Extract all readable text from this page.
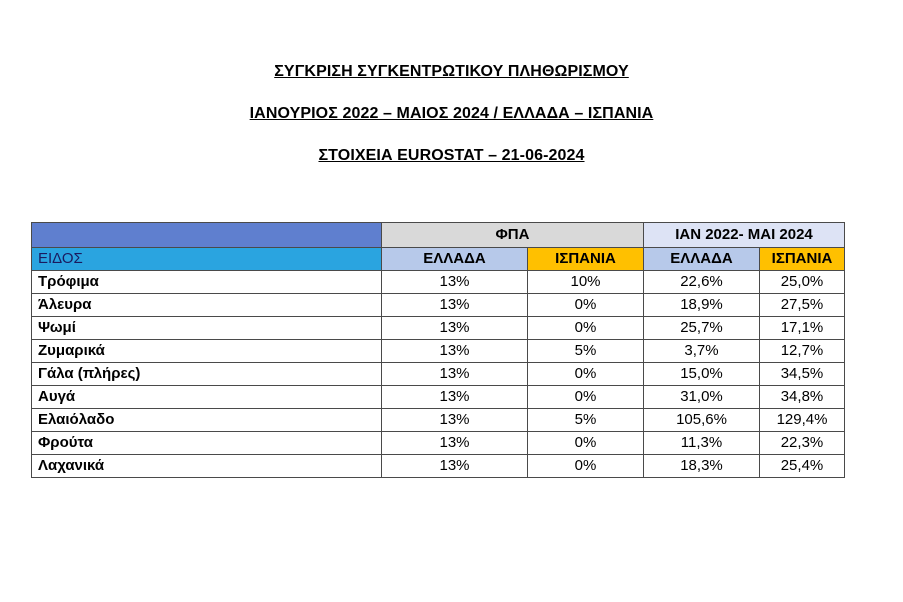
ΣΥΓΚΡΙΣΗ ΣΥΓΚΕΝΤΡΩΤΙΚΟΥ ΠΛΗΘΩΡΙΣΜΟΥ
ΙΑΝΟΥΡΙΟΣ 2022 – ΜΑΙΟΣ 2024 / ΕΛΛΑΔΑ – ΙΣΠΑΝΙΑ
ΣΤΟΙΧΕΙΑ EUROSTAT – 21-06-2024
	ΦΠΑ		ΙΑΝ 2022- ΜΑΙ 2024	
ΕΙΔΟΣ	ΕΛΛΑΔΑ	ΙΣΠΑΝΙΑ	ΕΛΛΑΔΑ	ΙΣΠΑΝΙΑ
Τρόφιμα	13%	10%	22,6%	25,0%
Άλευρα	13%	0%	18,9%	27,5%
Ψωμί	13%	0%	25,7%	17,1%
Ζυμαρικά	13%	5%	3,7%	12,7%
Γάλα (πλήρες)	13%	0%	15,0%	34,5%
Αυγά	13%	0%	31,0%	34,8%
Ελαιόλαδο	13%	5%	105,6%	129,4%
Φρούτα	13%	0%	11,3%	22,3%
Λαχανικά	13%	0%	18,3%	25,4%
